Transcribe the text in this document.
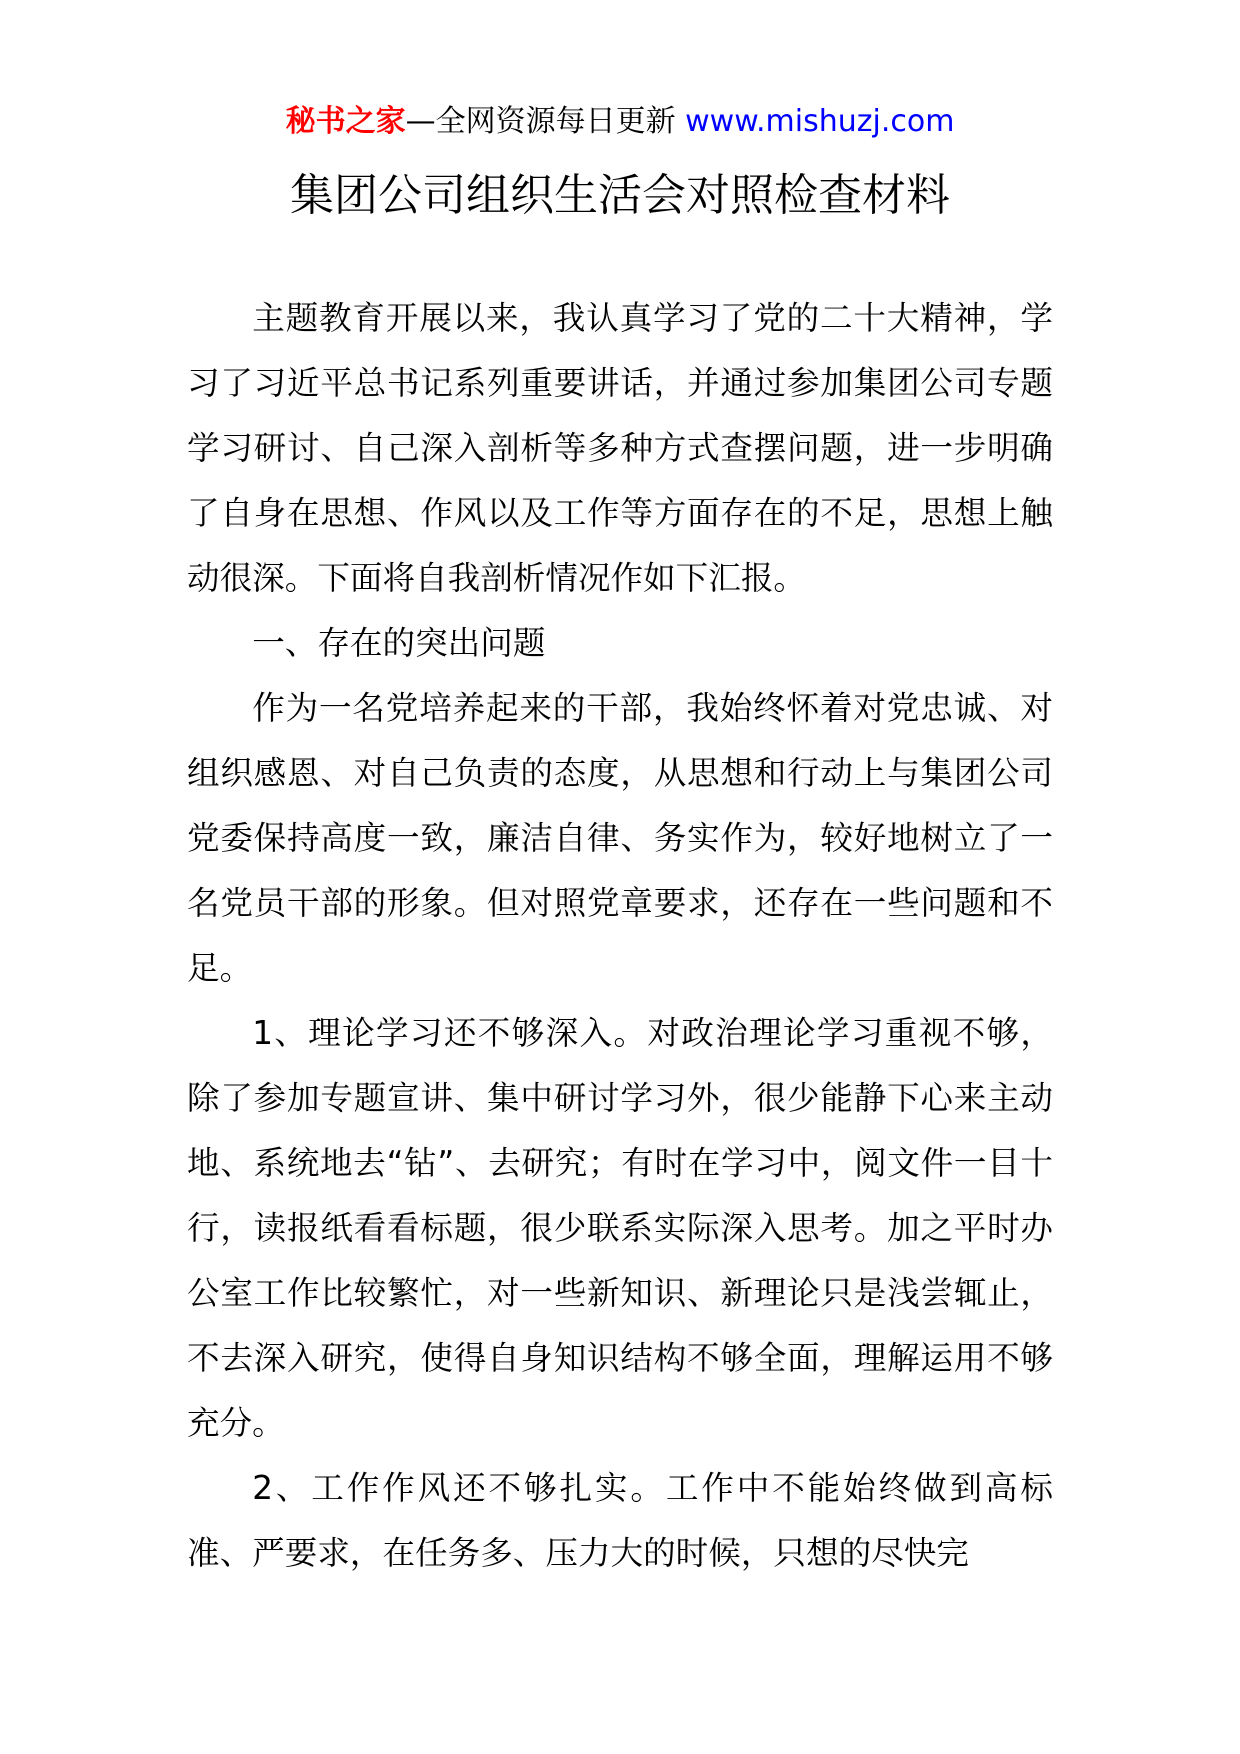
秘书之家—全网资源每日更新 www.mishuzj.com
集团公司组织生活会对照检查材料

主题教育开展以来，我认真学习了党的二十大精神，学习了习近平总书记系列重要讲话，并通过参加集团公司专题学习研讨、自己深入剖析等多种方式查摆问题，进一步明确了自身在思想、作风以及工作等方面存在的不足，思想上触动很深。下面将自我剖析情况作如下汇报。

一、存在的突出问题

作为一名党培养起来的干部，我始终怀着对党忠诚、对组织感恩、对自己负责的态度，从思想和行动上与集团公司党委保持高度一致，廉洁自律、务实作为，较好地树立了一名党员干部的形象。但对照党章要求，还存在一些问题和不足。

1、理论学习还不够深入。对政治理论学习重视不够，除了参加专题宣讲、集中研讨学习外，很少能静下心来主动地、系统地去“钻”、去研究；有时在学习中，阅文件一目十行，读报纸看看标题，很少联系实际深入思考。加之平时办公室工作比较繁忙，对一些新知识、新理论只是浅尝辄止，不去深入研究，使得自身知识结构不够全面，理解运用不够充分。

2、工作作风还不够扎实。工作中不能始终做到高标准、严要求，在任务多、压力大的时候，只想的尽快完
